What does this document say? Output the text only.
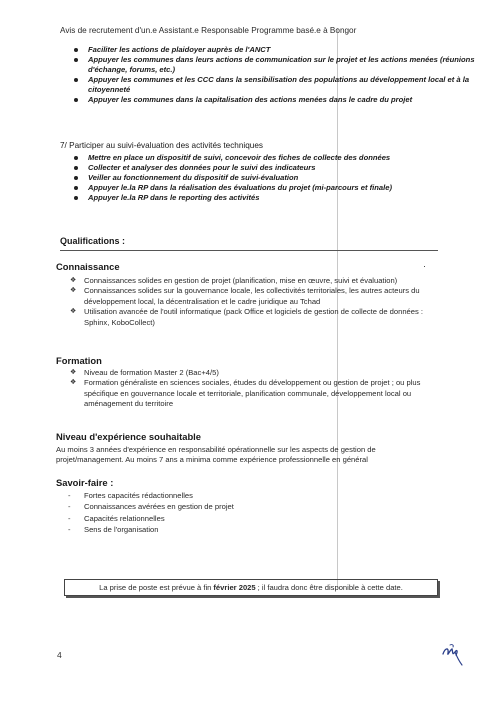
Avis de recrutement d'un.e Assistant.e Responsable Programme basé.e à Bongor
Faciliter les actions de plaidoyer auprès de l'ANCT
Appuyer les communes dans leurs actions de communication sur le projet et les actions menées (réunions d'échange, forums, etc.)
Appuyer les communes et les CCC dans la sensibilisation des populations au développement local et à la citoyenneté
Appuyer les communes dans la capitalisation des actions menées dans le cadre du projet
7/ Participer au suivi-évaluation des activités techniques
Mettre en place un dispositif de suivi, concevoir des fiches de collecte des données
Collecter et analyser des données pour le suivi des indicateurs
Veiller au fonctionnement du dispositif de suivi-évaluation
Appuyer le.la RP dans la réalisation des évaluations du projet (mi-parcours et finale)
Appuyer le.la RP dans le reporting des activités
Qualifications :
Connaissance
❖ Connaissances solides en gestion de projet (planification, mise en œuvre, suivi et évaluation)
❖ Connaissances solides sur la gouvernance locale, les collectivités territoriales, les autres acteurs du développement local, la décentralisation et le cadre juridique au Tchad
❖ Utilisation avancée de l'outil informatique (pack Office et logiciels de gestion de collecte de données : Sphinx, KoboCollect)
Formation
❖ Niveau de formation Master 2 (Bac+4/5)
❖ Formation généraliste en sciences sociales, études du développement ou gestion de projet ; ou plus spécifique en gouvernance locale et territoriale, planification communale, développement local ou aménagement du territoire
Niveau d'expérience souhaitable
Au moins 3 années d'expérience en responsabilité opérationnelle sur les aspects de gestion de projet/management. Au moins 7 ans a minima comme expérience professionnelle en général
Savoir-faire :
- Fortes capacités rédactionnelles
- Connaissances avérées en gestion de projet
- Capacités relationnelles
- Sens de l'organisation
La prise de poste est prévue à fin février 2025 ; il faudra donc être disponible à cette date.
4
